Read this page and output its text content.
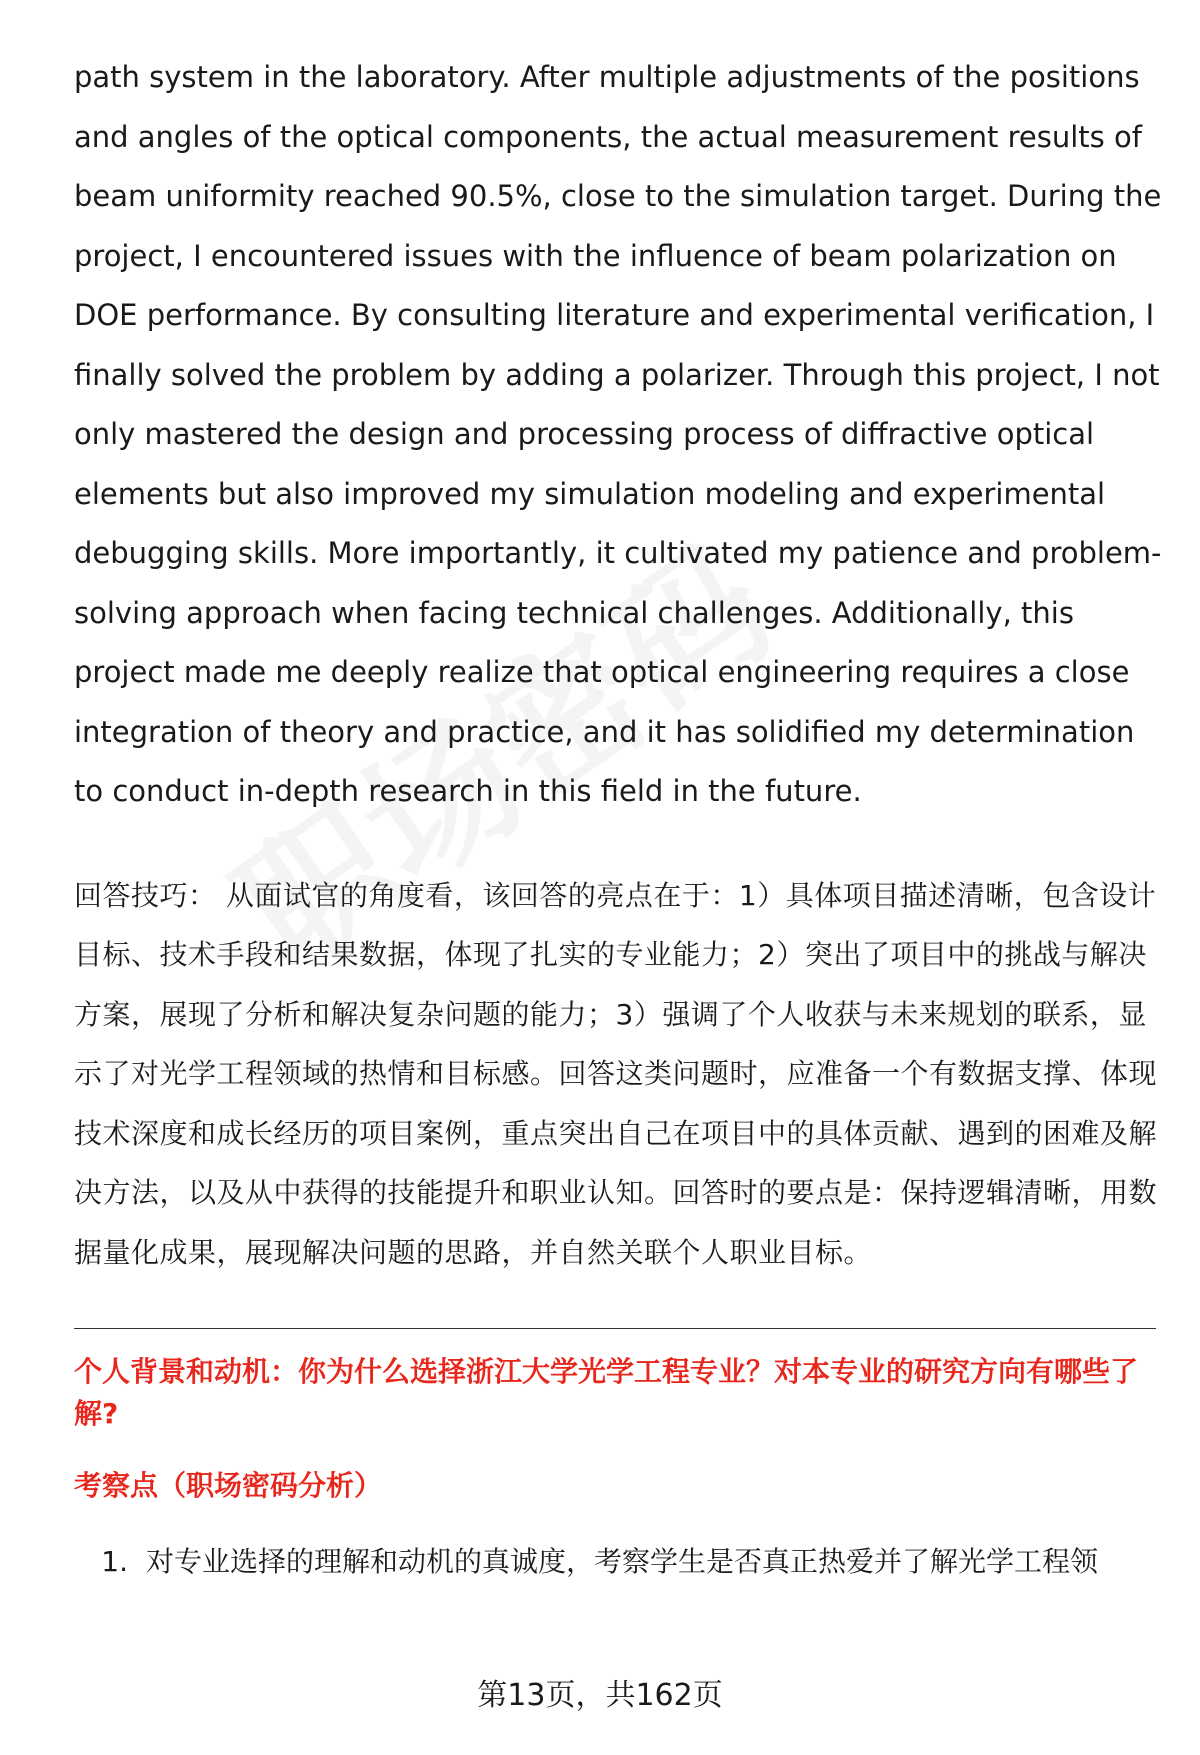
path system in the laboratory. After multiple adjustments of the positions and angles of the optical components, the actual measurement results of beam uniformity reached 90.5%, close to the simulation target. During the project, I encountered issues with the influence of beam polarization on DOE performance. By consulting literature and experimental verification, I finally solved the problem by adding a polarizer. Through this project, I not only mastered the design and processing process of diffractive optical elements but also improved my simulation modeling and experimental debugging skills. More importantly, it cultivated my patience and problem-solving approach when facing technical challenges. Additionally, this project made me deeply realize that optical engineering requires a close integration of theory and practice, and it has solidified my determination to conduct in-depth research in this field in the future.

回答技巧： 从面试官的角度看，该回答的亮点在于：1）具体项目描述清晰，包含设计目标、技术手段和结果数据，体现了扎实的专业能力；2）突出了项目中的挑战与解决方案，展现了分析和解决复杂问题的能力；3）强调了个人收获与未来规划的联系，显示了对光学工程领域的热情和目标感。回答这类问题时，应准备一个有数据支撑、体现技术深度和成长经历的项目案例，重点突出自己在项目中的具体贡献、遇到的困难及解决方法，以及从中获得的技能提升和职业认知。回答时的要点是：保持逻辑清晰，用数据量化成果，展现解决问题的思路，并自然关联个人职业目标。

个人背景和动机：你为什么选择浙江大学光学工程专业？对本专业的研究方向有哪些了解?
考察点（职场密码分析）
1. 对专业选择的理解和动机的真诚度，考察学生是否真正热爱并了解光学工程领
第13页，共162页
